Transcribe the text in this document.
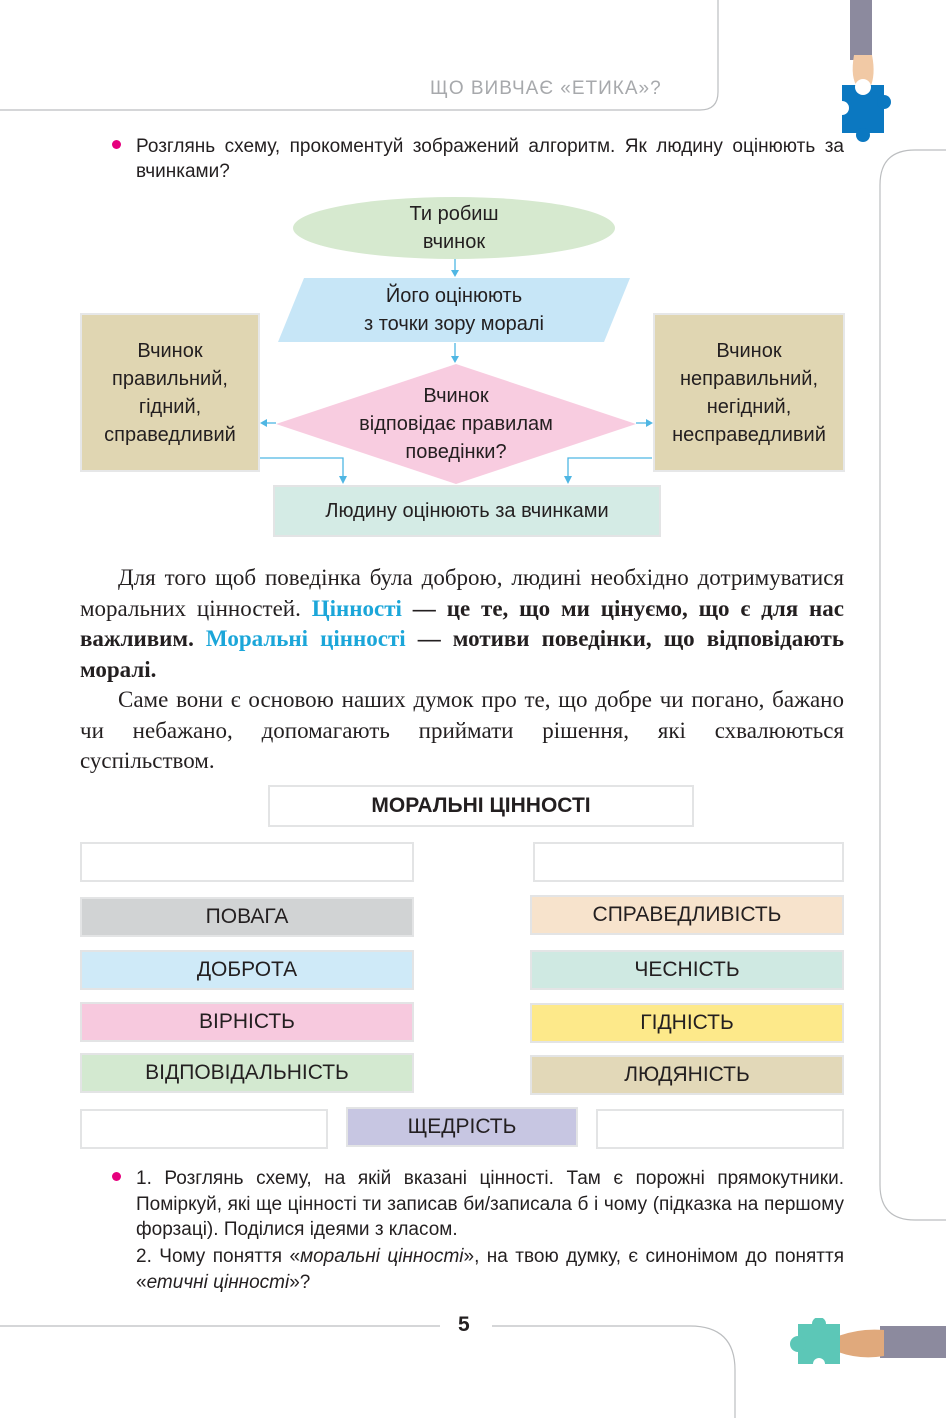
ЩО ВИВЧАЄ «ЕТИКА»?
Розглянь схему, прокоментуй зображений алгоритм. Як людину оцінюють за вчинками?
Ти робиш
вчинок
Його оцінюють
з точки зору моралі
Вчинок
відповідає правилам
поведінки?
Вчинок
правильний,
гідний,
справедливий
Вчинок
неправильний,
негідний,
несправедливий
Людину оцінюють за вчинками
Для того щоб поведінка була доброю, людині необхідно дотримуватися моральних цінностей. Цінності — це те, що ми цінуємо, що є для нас важливим. Моральні цінності — мотиви поведінки, що відповідають моралі.
Саме вони є основою наших думок про те, що добре чи погано, бажано чи небажано, допомагають приймати рішення, які схвалюються суспільством.
МОРАЛЬНІ ЦІННОСТІ
ПОВАГА
ДОБРОТА
ВІРНІСТЬ
ВІДПОВІДАЛЬНІСТЬ
СПРАВЕДЛИВІСТЬ
ЧЕСНІСТЬ
ГІДНІСТЬ
ЛЮДЯНІСТЬ
ЩЕДРІСТЬ
1. Розглянь схему, на якій вказані цінності. Там є порожні прямокутники. Поміркуй, які ще цінності ти записав би/записала б і чому (підказка на першому форзаці). Поділися ідеями з класом.
2. Чому поняття «моральні цінності», на твою думку, є синонімом до поняття «етичні цінності»?
5
